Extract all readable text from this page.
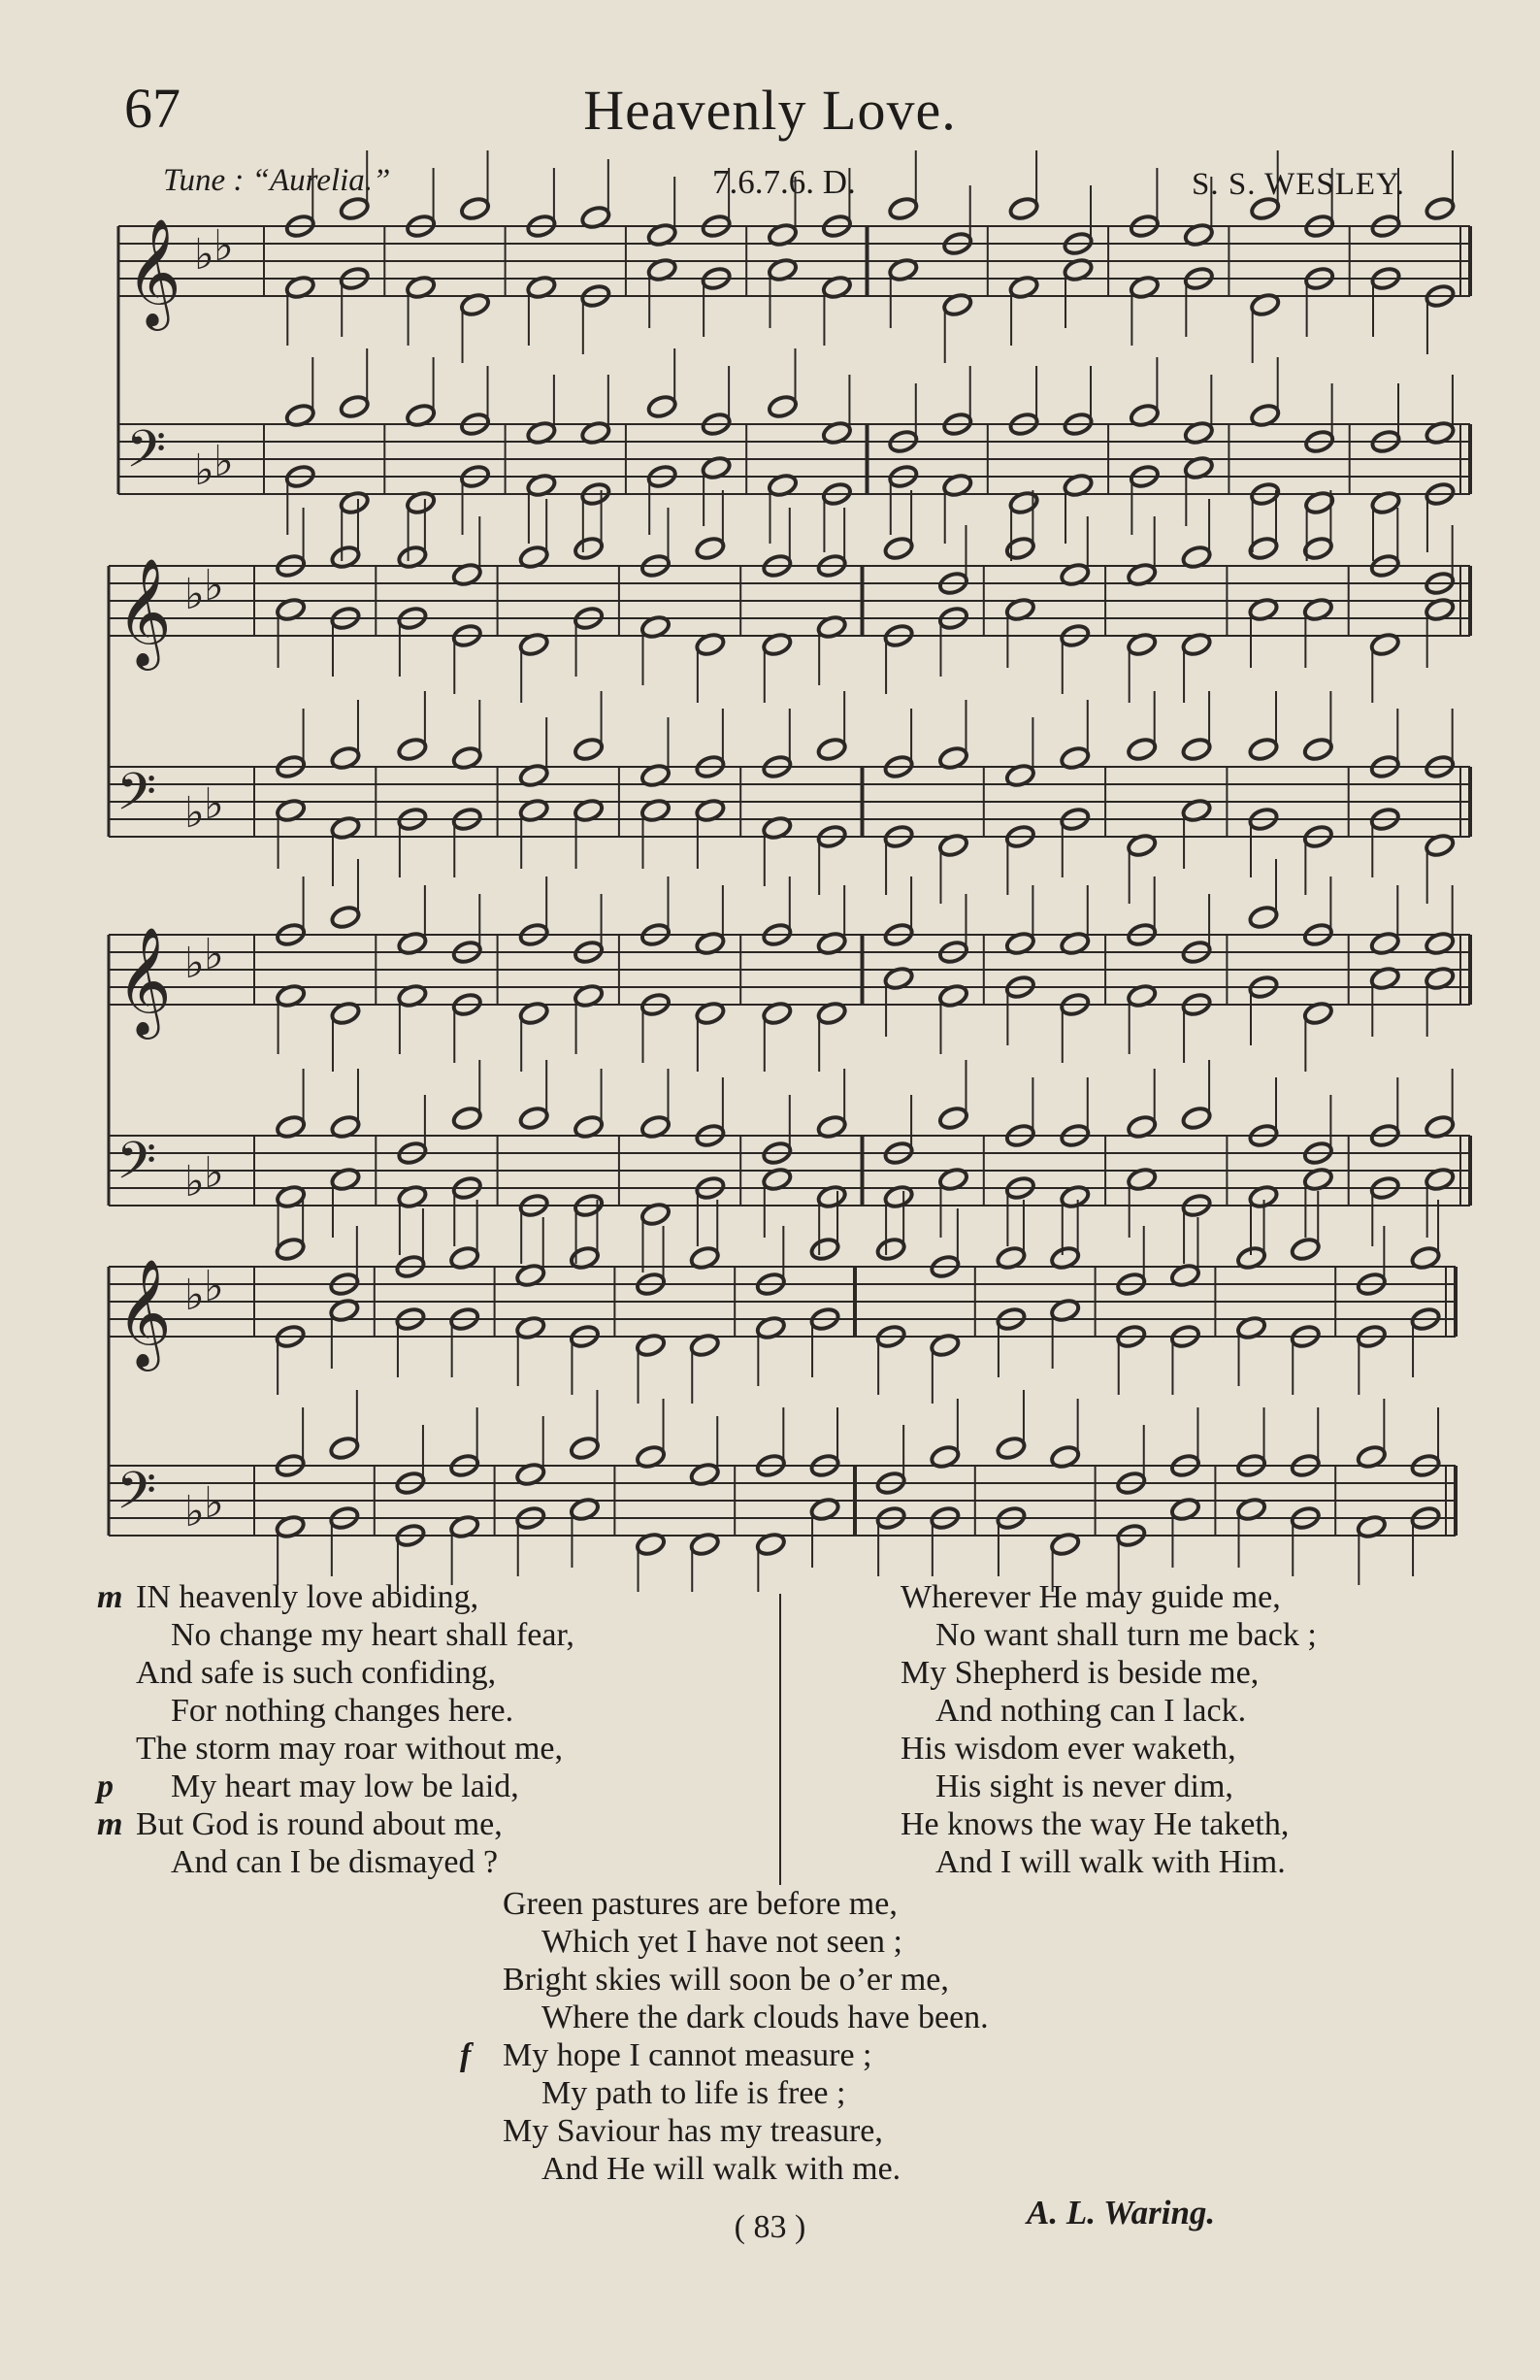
67	Heavenly Love.
Tune : “Aurelia.”	7.6.7.6. D.	S. S. WESLEY.
𝄞 ♭ ♭
𝄢 ♭ ♭
𝄞 ♭ ♭
𝄢 ♭ ♭
𝄞 ♭ ♭
𝄢 ♭ ♭
𝄞 ♭ ♭
𝄢 ♭ ♭
m IN heavenly love abiding,
No change my heart shall fear,
And safe is such confiding,
For nothing changes here.
The storm may roar without me,
p My heart may low be laid,
m But God is round about me,
And can I be dismayed ?
Wherever He may guide me,
No want shall turn me back ;
My Shepherd is beside me,
And nothing can I lack.
His wisdom ever waketh,
His sight is never dim,
He knows the way He taketh,
And I will walk with Him.
Green pastures are before me,
Which yet I have not seen ;
Bright skies will soon be o’er me,
Where the dark clouds have been.
f My hope I cannot measure ;
My path to life is free ;
My Saviour has my treasure,
And He will walk with me.
( 83 )	A. L. Waring.
